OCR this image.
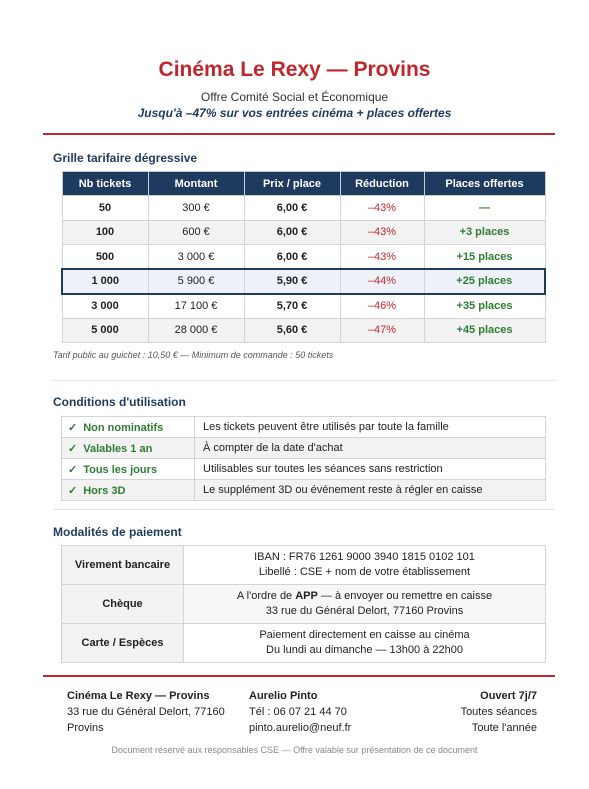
Cinéma Le Rexy — Provins
Offre Comité Social et Économique
Jusqu'à –47% sur vos entrées cinéma + places offertes
Grille tarifaire dégressive
Nb tickets	Montant	Prix / place	Réduction	Places offertes
50	300 €	6,00 €	–43%	—
100	600 €	6,00 €	–43%	+3 places
500	3 000 €	6,00 €	–43%	+15 places
1 000	5 900 €	5,90 €	–44%	+25 places
3 000	17 100 €	5,70 €	–46%	+35 places
5 000	28 000 €	5,60 €	–47%	+45 places
Tarif public au guichet : 10,50 € — Minimum de commande : 50 tickets
Conditions d'utilisation
✓ Non nominatifs	Les tickets peuvent être utilisés par toute la famille
✓ Valables 1 an	À compter de la date d'achat
✓ Tous les jours	Utilisables sur toutes les séances sans restriction
✓ Hors 3D	Le supplément 3D ou événement reste à régler en caisse
Modalités de paiement
Virement bancaire	IBAN : FR76 1261 9000 3940 1815 0102 101
Libellé : CSE + nom de votre établissement

Chèque	A l'ordre de APP — à envoyer ou remettre en caisse
33 rue du Général Delort, 77160 Provins

Carte / Espèces	Paiement directement en caisse au cinéma
Du lundi au dimanche — 13h00 à 22h00
Cinéma Le Rexy — Provins
33 rue du Général Delort, 77160
Provins
Aurelio Pinto
Tél : 06 07 21 44 70
pinto.aurelio@neuf.fr
Ouvert 7j/7
Toutes séances
Toute l'année
Document réservé aux responsables CSE — Offre valable sur présentation de ce document
